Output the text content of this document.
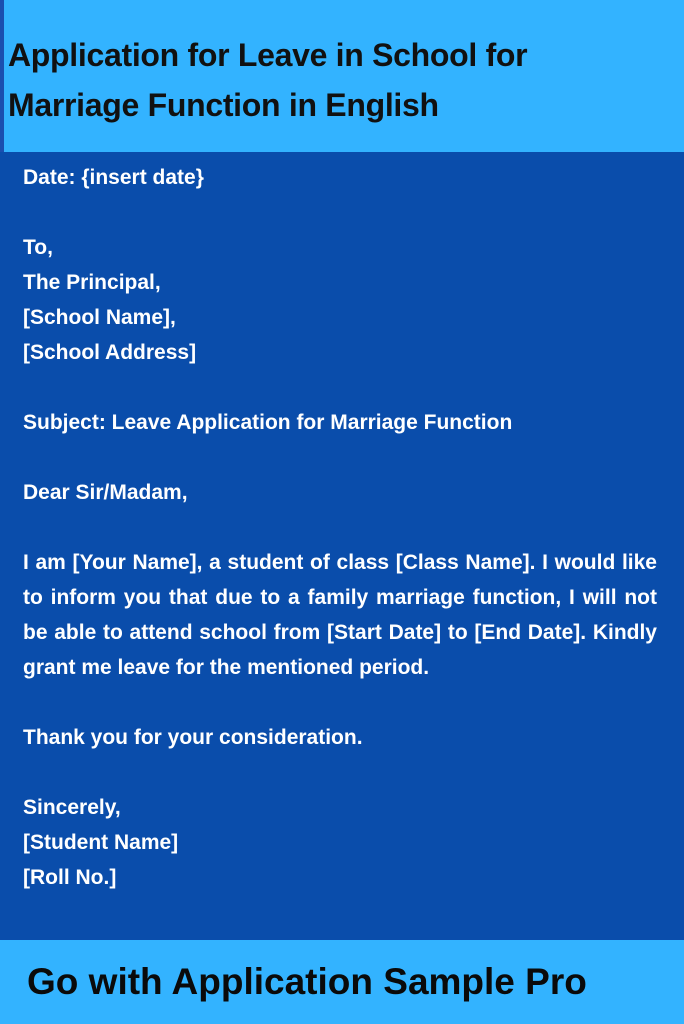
Application for Leave in School for Marriage Function in English
Date: {insert date}
To,
The Principal,
[School Name],
[School Address]
Subject: Leave Application for Marriage Function
Dear Sir/Madam,
I am [Your Name], a student of class [Class Name]. I would like to inform you that due to a family marriage function, I will not be able to attend school from [Start Date] to [End Date]. Kindly grant me leave for the mentioned period.
Thank you for your consideration.
Sincerely,
[Student Name]
[Roll No.]

Go with Application Sample Pro
